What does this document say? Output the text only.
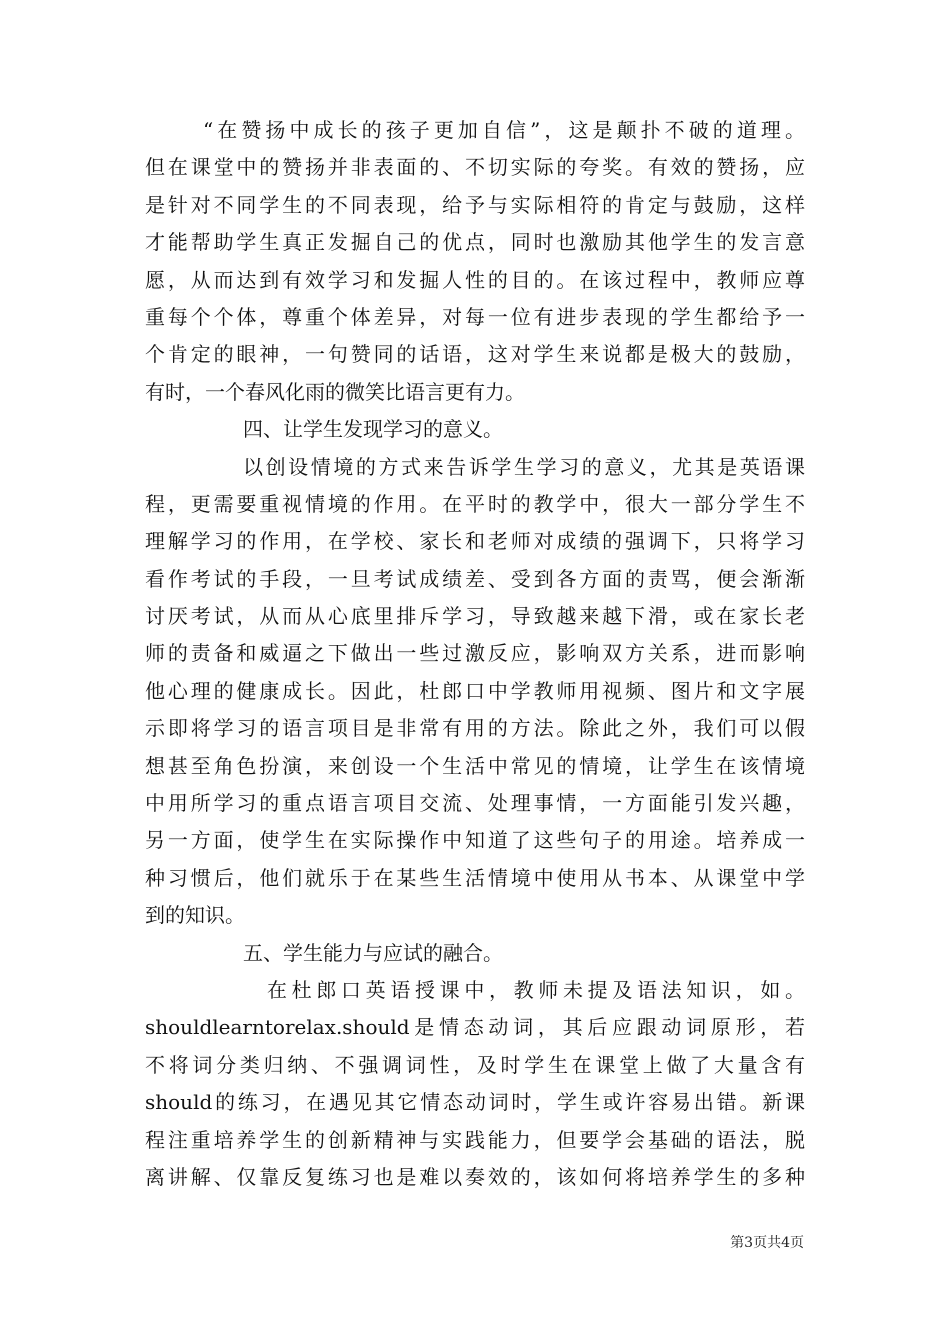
“在赞扬中成长的孩子更加自信”，这是颠扑不破的道理。
但在课堂中的赞扬并非表面的、不切实际的夸奖。有效的赞扬，应
是针对不同学生的不同表现，给予与实际相符的肯定与鼓励，这样
才能帮助学生真正发掘自己的优点，同时也激励其他学生的发言意
愿，从而达到有效学习和发掘人性的目的。在该过程中，教师应尊
重每个个体，尊重个体差异，对每一位有进步表现的学生都给予一
个肯定的眼神，一句赞同的话语，这对学生来说都是极大的鼓励，
有时，一个春风化雨的微笑比语言更有力。
四、让学生发现学习的意义。
以创设情境的方式来告诉学生学习的意义，尤其是英语课
程，更需要重视情境的作用。在平时的教学中，很大一部分学生不
理解学习的作用，在学校、家长和老师对成绩的强调下，只将学习
看作考试的手段，一旦考试成绩差、受到各方面的责骂，便会渐渐
讨厌考试，从而从心底里排斥学习，导致越来越下滑，或在家长老
师的责备和威逼之下做出一些过激反应，影响双方关系，进而影响
他心理的健康成长。因此，杜郎口中学教师用视频、图片和文字展
示即将学习的语言项目是非常有用的方法。除此之外，我们可以假
想甚至角色扮演，来创设一个生活中常见的情境，让学生在该情境
中用所学习的重点语言项目交流、处理事情，一方面能引发兴趣，
另一方面，使学生在实际操作中知道了这些句子的用途。培养成一
种习惯后，他们就乐于在某些生活情境中使用从书本、从课堂中学
到的知识。
五、学生能力与应试的融合。
在杜郎口英语授课中，教师未提及语法知识，如。
shouldlearntorelax.should是情态动词，其后应跟动词原形，若
不将词分类归纳、不强调词性，及时学生在课堂上做了大量含有
should的练习，在遇见其它情态动词时，学生或许容易出错。新课
程注重培养学生的创新精神与实践能力，但要学会基础的语法，脱
离讲解、仅靠反复练习也是难以奏效的，该如何将培养学生的多种
第3页共4页
